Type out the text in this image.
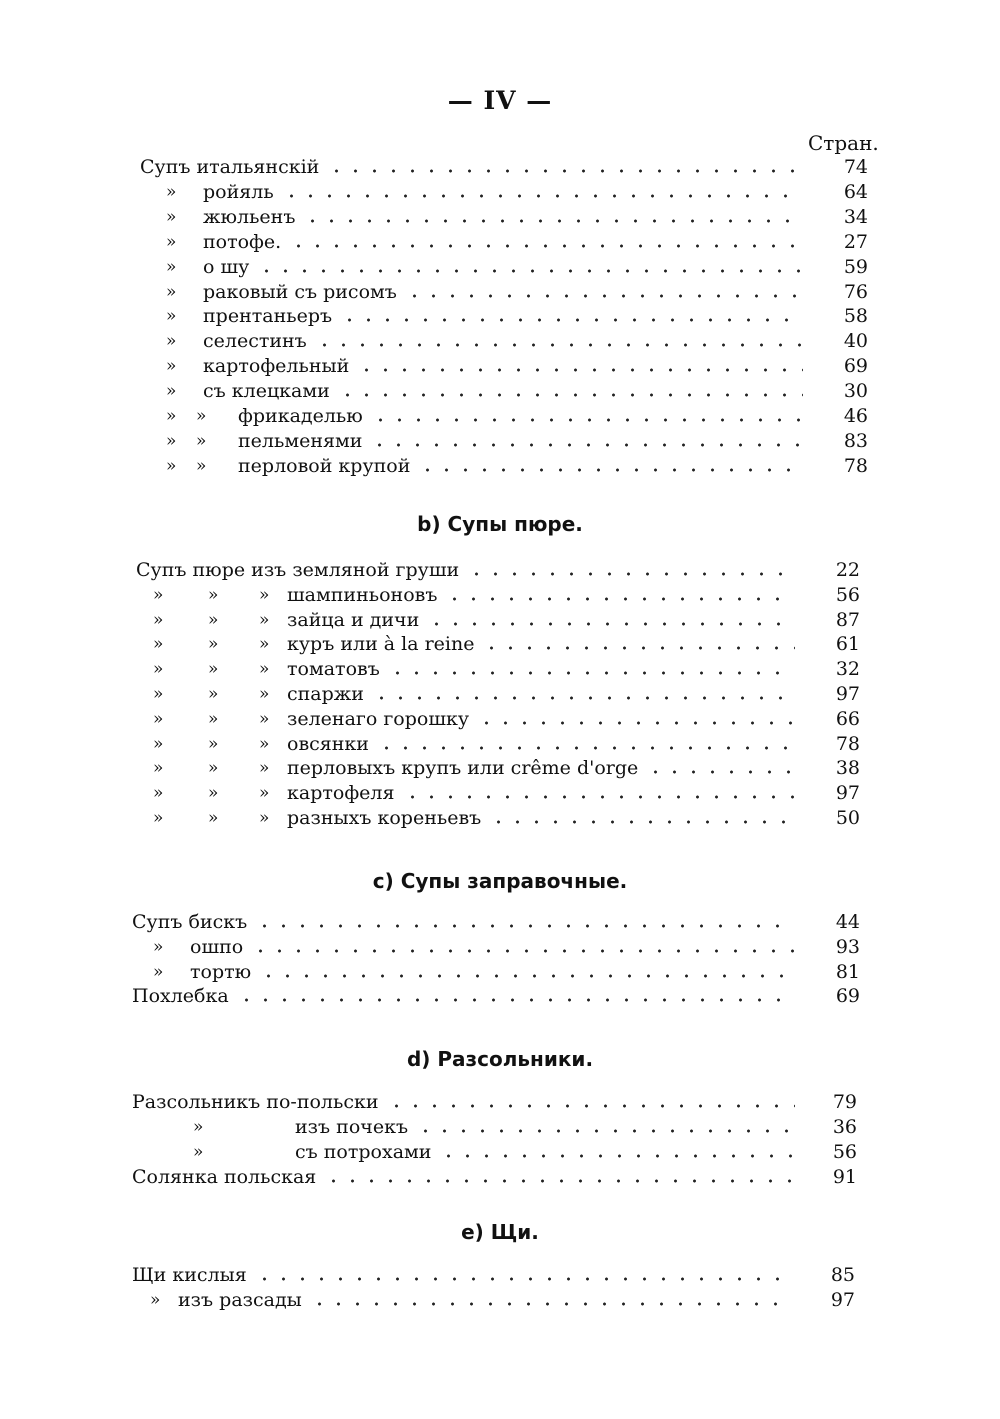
— IV —
Стран.
Супъ итальянскій	74
» ройяль	64
» жюльенъ	34
» потофе.	27
» о шу	59
» раковый съ рисомъ	76
» прентаньеръ	58
» селестинъ	40
» картофельный	69
» съ клецками	30
» » фрикаделью	46
» » пельменями	83
» » перловой крупой	78
b) Супы пюре.
Супъ пюре изъ земляной груши	22
»	» » шампиньоновъ	56
»	» » зайца и дичи	87
»	» » куръ или à la reine	61
»	» » томатовъ	32
»	» » спаржи	97
»	» » зеленаго горошку	66
»	» » овсянки	78
»	» » перловыхъ крупъ или crême d'orge	38
»	» » картофеля	97
»	» » разныхъ кореньевъ	50
c) Супы заправочные.
Супъ бискъ	44
» ошпо	93
» тортю	81
Похлебка	69
d) Разсольники.
Разсольникъ по-польски	79
»	изъ почекъ	36
»	съ потрохами	56
Солянка польская	91
e) Щи.
Щи кислыя	85
» изъ разсады	97
